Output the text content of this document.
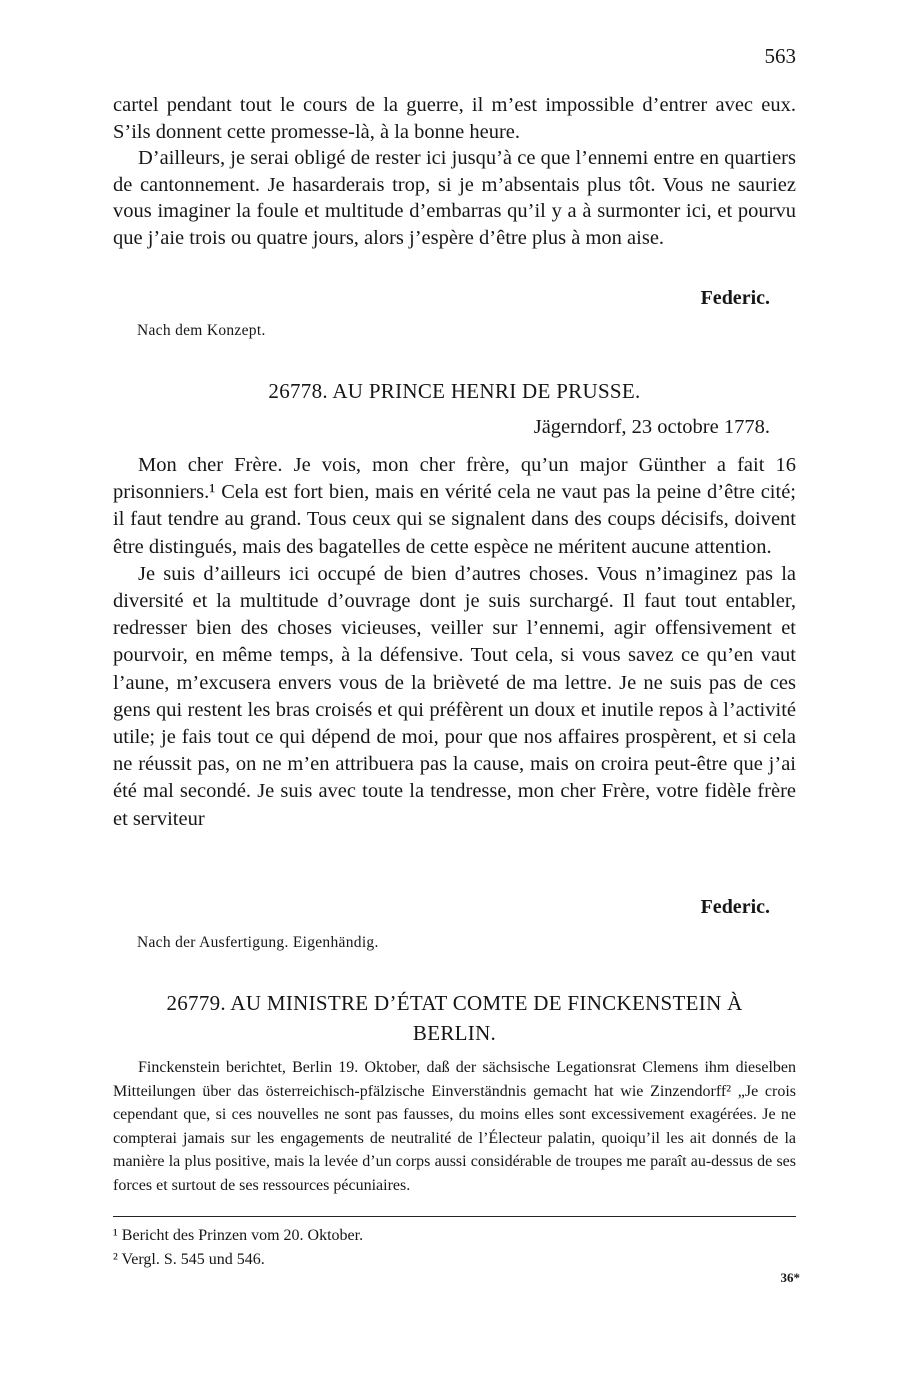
563

cartel pendant tout le cours de la guerre, il m’est impossible d’entrer avec eux. S’ils donnent cette promesse-là, à la bonne heure.

D’ailleurs, je serai obligé de rester ici jusqu’à ce que l’ennemi entre en quartiers de cantonnement. Je hasarderais trop, si je m’absentais plus tôt. Vous ne sauriez vous imaginer la foule et multitude d’embarras qu’il y a à surmonter ici, et pourvu que j’aie trois ou quatre jours, alors j’espère d’être plus à mon aise.

Federic.
Nach dem Konzept.
26778. AU PRINCE HENRI DE PRUSSE.
Jägerndorf, 23 octobre 1778.

Mon cher Frère. Je vois, mon cher frère, qu’un major Günther a fait 16 prisonniers.¹ Cela est fort bien, mais en vérité cela ne vaut pas la peine d’être cité; il faut tendre au grand. Tous ceux qui se signalent dans des coups décisifs, doivent être distingués, mais des bagatelles de cette espèce ne méritent aucune attention.

Je suis d’ailleurs ici occupé de bien d’autres choses. Vous n’imaginez pas la diversité et la multitude d’ouvrage dont je suis surchargé. Il faut tout entabler, redresser bien des choses vicieuses, veiller sur l’ennemi, agir offensivement et pourvoir, en même temps, à la défensive. Tout cela, si vous savez ce qu’en vaut l’aune, m’excusera envers vous de la brièveté de ma lettre. Je ne suis pas de ces gens qui restent les bras croisés et qui préfèrent un doux et inutile repos à l’activité utile; je fais tout ce qui dépend de moi, pour que nos affaires prospèrent, et si cela ne réussit pas, on ne m’en attribuera pas la cause, mais on croira peut-être que j’ai été mal secondé. Je suis avec toute la tendresse, mon cher Frère, votre fidèle frère et serviteur

Federic.
Nach der Ausfertigung. Eigenhändig.
26779. AU MINISTRE D’ÉTAT COMTE DE FINCKENSTEIN À
BERLIN.

Finckenstein berichtet, Berlin 19. Oktober, daß der sächsische Legationsrat Clemens ihm dieselben Mitteilungen über das österreichisch-pfälzische Einverständnis gemacht hat wie Zinzendorff² „Je crois cependant que, si ces nouvelles ne sont pas fausses, du moins elles sont excessivement exagérées. Je ne compterai jamais sur les engagements de neutralité de l’Électeur palatin, quoiqu’il les ait donnés de la manière la plus positive, mais la levée d’un corps aussi considérable de troupes me paraît au-dessus de ses forces et surtout de ses ressources pécuniaires.

¹ Bericht des Prinzen vom 20. Oktober.
² Vergl. S. 545 und 546.
36*
